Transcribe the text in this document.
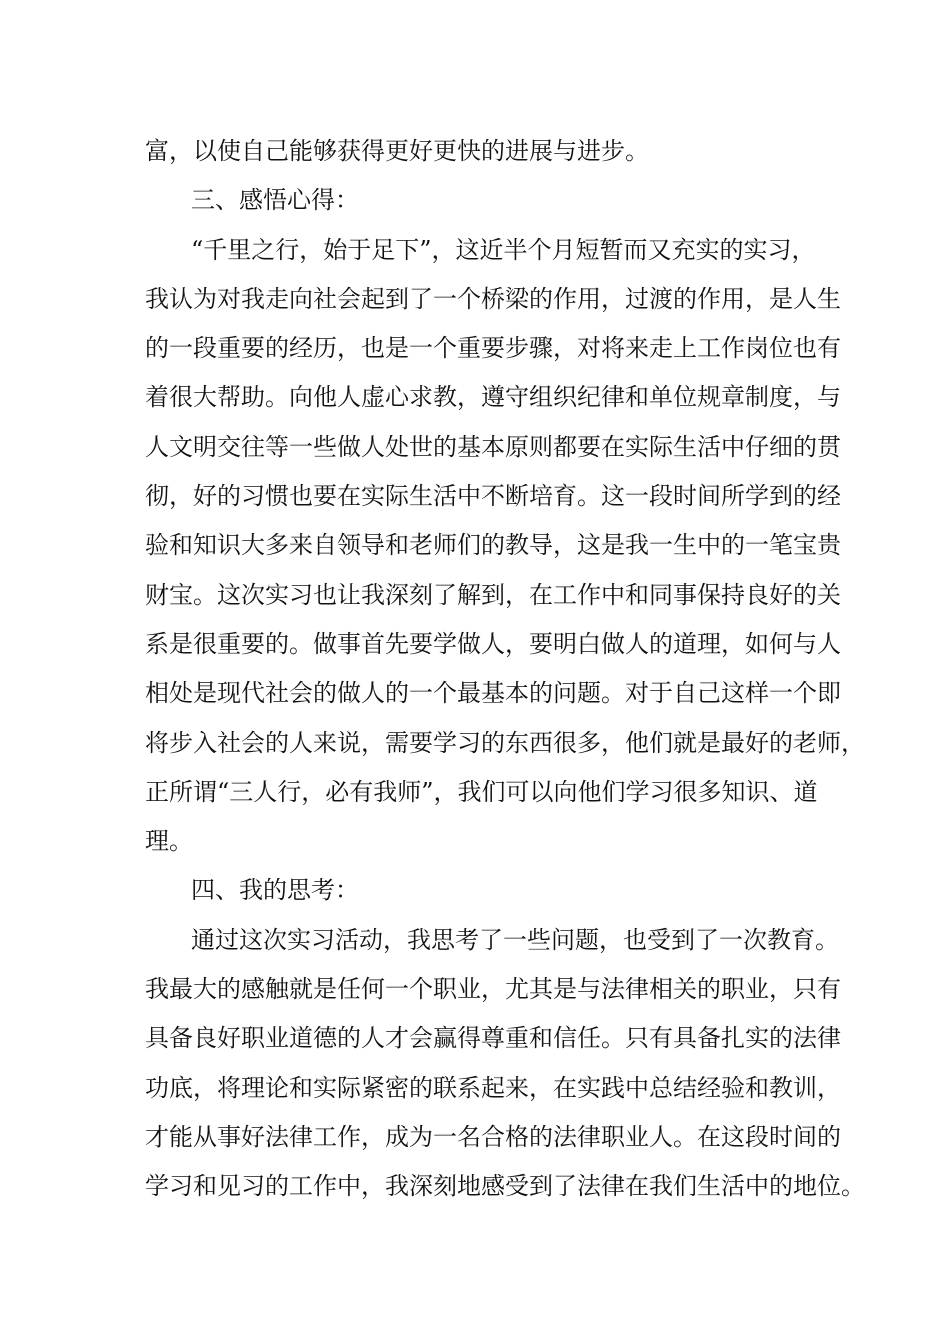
富，以使自己能够获得更好更快的进展与进步。
三、感悟心得：
“千里之行，始于足下”，这近半个月短暂而又充实的实习，
我认为对我走向社会起到了一个桥梁的作用，过渡的作用，是人生
的一段重要的经历，也是一个重要步骤，对将来走上工作岗位也有
着很大帮助。向他人虚心求教，遵守组织纪律和单位规章制度，与
人文明交往等一些做人处世的基本原则都要在实际生活中仔细的贯
彻，好的习惯也要在实际生活中不断培育。这一段时间所学到的经
验和知识大多来自领导和老师们的教导，这是我一生中的一笔宝贵
财宝。这次实习也让我深刻了解到，在工作中和同事保持良好的关
系是很重要的。做事首先要学做人，要明白做人的道理，如何与人
相处是现代社会的做人的一个最基本的问题。对于自己这样一个即
将步入社会的人来说，需要学习的东西很多，他们就是最好的老师，
正所谓“三人行，必有我师”，我们可以向他们学习很多知识、道
理。
四、我的思考：
通过这次实习活动，我思考了一些问题，也受到了一次教育。
我最大的感触就是任何一个职业，尤其是与法律相关的职业，只有
具备良好职业道德的人才会赢得尊重和信任。只有具备扎实的法律
功底，将理论和实际紧密的联系起来，在实践中总结经验和教训，
才能从事好法律工作，成为一名合格的法律职业人。在这段时间的
学习和见习的工作中，我深刻地感受到了法律在我们生活中的地位。
